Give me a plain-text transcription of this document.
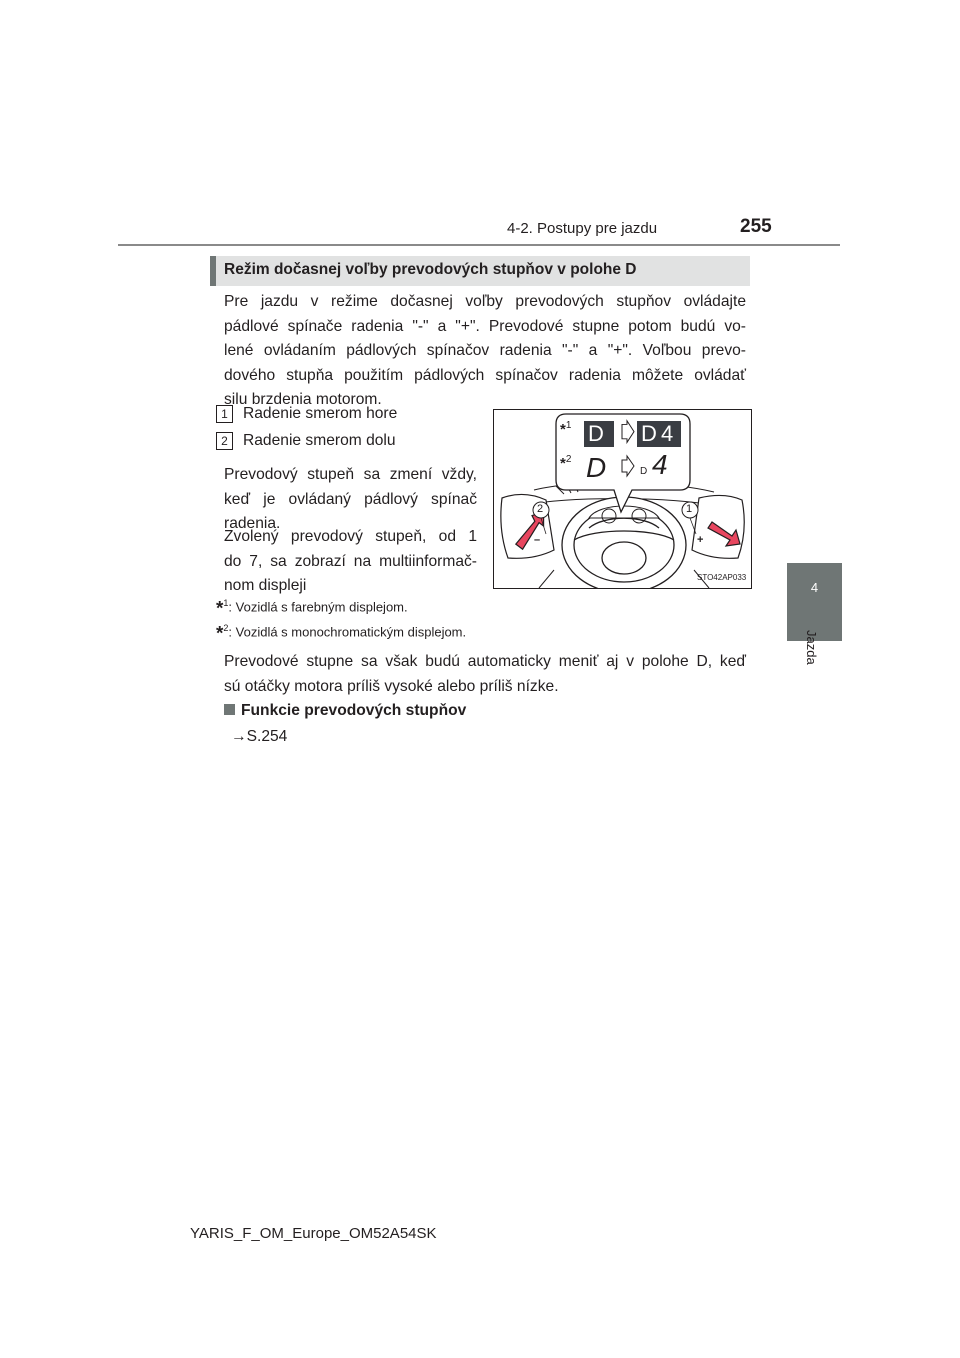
4-2. Postupy pre jazdu	255
4
Jazda
Režim dočasnej voľby prevodových stupňov v polohe D
Pre jazdu v režime dočasnej voľby prevodových stupňov ovládajte
pádlové spínače radenia "-" a "+". Prevodové stupne potom budú vo-
lené ovládaním pádlových spínačov radenia "-" a "+". Voľbou prevo-
dového stupňa použitím pádlových spínačov radenia môžete ovládať
silu brzdenia motorom.
1 Radenie smerom hore
2 Radenie smerom dolu
Prevodový stupeň sa zmení vždy,
keď je ovládaný pádlový spínač
radenia.
Zvolený prevodový stupeň, od 1
do 7, sa zobrazí na multiinformač-
nom displeji
*$^1$: Vozidlá s farebným displejom.
*$^2$: Vozidlá s monochromatickým displejom.
Prevodové stupne sa však budú automaticky meniť aj v polohe D, keď
sú otáčky motora príliš vysoké alebo príliš nízke.
Funkcie prevodových stupňov
→S.254
*$^1$
*$^2$
D D 4
D	D 4
2	1
–	+
STO42AP033
YARIS_F_OM_Europe_OM52A54SK
